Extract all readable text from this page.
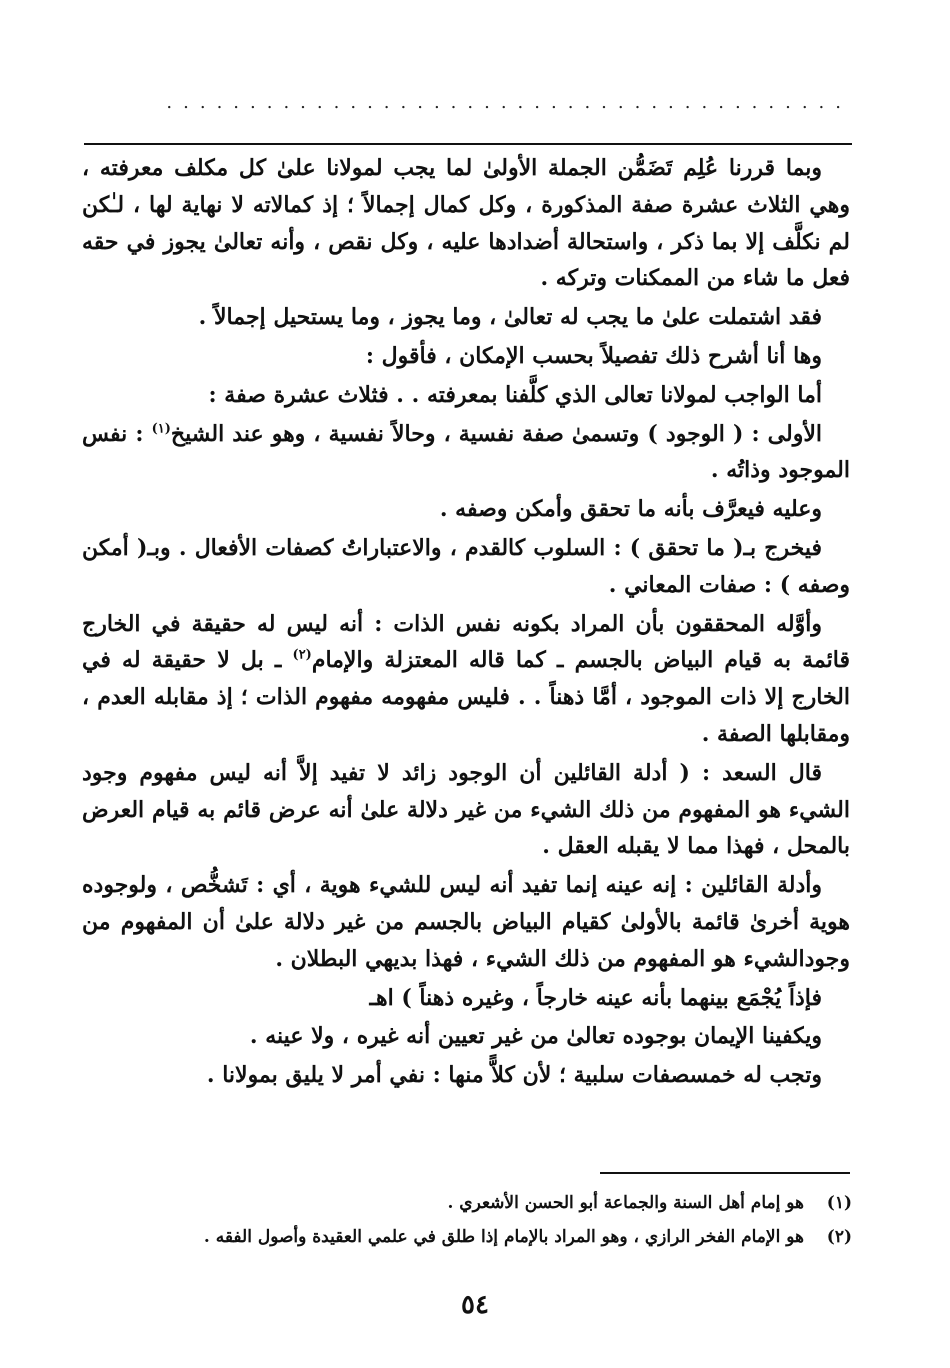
.........................................

وبما قررنا عُلِم تَضَمُّن الجملة الأولىٰ لما يجب لمولانا علىٰ كل مكلف معرفته ، وهي الثلاث عشرة صفة المذكورة ، وكل كمال إجمالاً ؛ إذ كمالاته لا نهاية لها ، لـٰكن لم نكلَّف إلا بما ذكر ، واستحالة أضدادها عليه ، وكل نقص ، وأنه تعالىٰ يجوز في حقه فعل ما شاء من الممكنات وتركه .

فقد اشتملت علىٰ ما يجب له تعالىٰ ، وما يجوز ، وما يستحيل إجمالاً .

وها أنا أشرح ذلك تفصيلاً بحسب الإمكان ، فأقول :

أما الواجب لمولانا تعالى الذي كلَّفنا بمعرفته . . فثلاث عشرة صفة :

الأولى : ( الوجود ) وتسمىٰ صفة نفسية ، وحالاً نفسية ، وهو عند الشيخ$^{(١)}$ : نفس الموجود وذاتُه .

وعليه فيعرَّف بأنه ما تحقق وأمكن وصفه .

فيخرج بـ( ما تحقق ) : السلوب كالقدم ، والاعتباراتُ كصفات الأفعال . وبـ( أمكن وصفه ) : صفات المعاني .

وأوَّله المحققون بأن المراد بكونه نفس الذات : أنه ليس له حقيقة في الخارج قائمة به قيام البياض بالجسم ـ كما قاله المعتزلة والإمام$^{(٢)}$ ـ بل لا حقيقة له في الخارج إلا ذات الموجود ، أمَّا ذهناً . . فليس مفهومه مفهوم الذات ؛ إذ مقابله العدم ، ومقابلها الصفة .

قال السعد : ( أدلة القائلين أن الوجود زائد لا تفيد إلاَّ أنه ليس مفهوم وجود الشيء هو المفهوم من ذلك الشيء من غير دلالة علىٰ أنه عرض قائم به قيام العرض بالمحل ، فهذا مما لا يقبله العقل .

وأدلة القائلين : إنه عينه إنما تفيد أنه ليس للشيء هوية ، أي : تَشخُّص ، ولوجوده هوية أخرىٰ قائمة بالأولىٰ كقيام البياض بالجسم من غير دلالة علىٰ أن المفهوم من وجودالشيء هو المفهوم من ذلك الشيء ، فهذا بديهي البطلان .

فإذاً يُجْمَع بينهما بأنه عينه خارجاً ، وغيره ذهناً ) اهـ

ويكفينا الإيمان بوجوده تعالىٰ من غير تعيين أنه غيره ، ولا عينه .

وتجب له خمسصفات سلبية ؛ لأن كلاًّ منها : نفي أمر لا يليق بمولانا .

(١)
هو إمام أهل السنة والجماعة أبو الحسن الأشعري .
(٢)
هو الإمام الفخر الرازي ، وهو المراد بالإمام إذا طلق في علمي العقيدة وأصول الفقه .
٥٤
